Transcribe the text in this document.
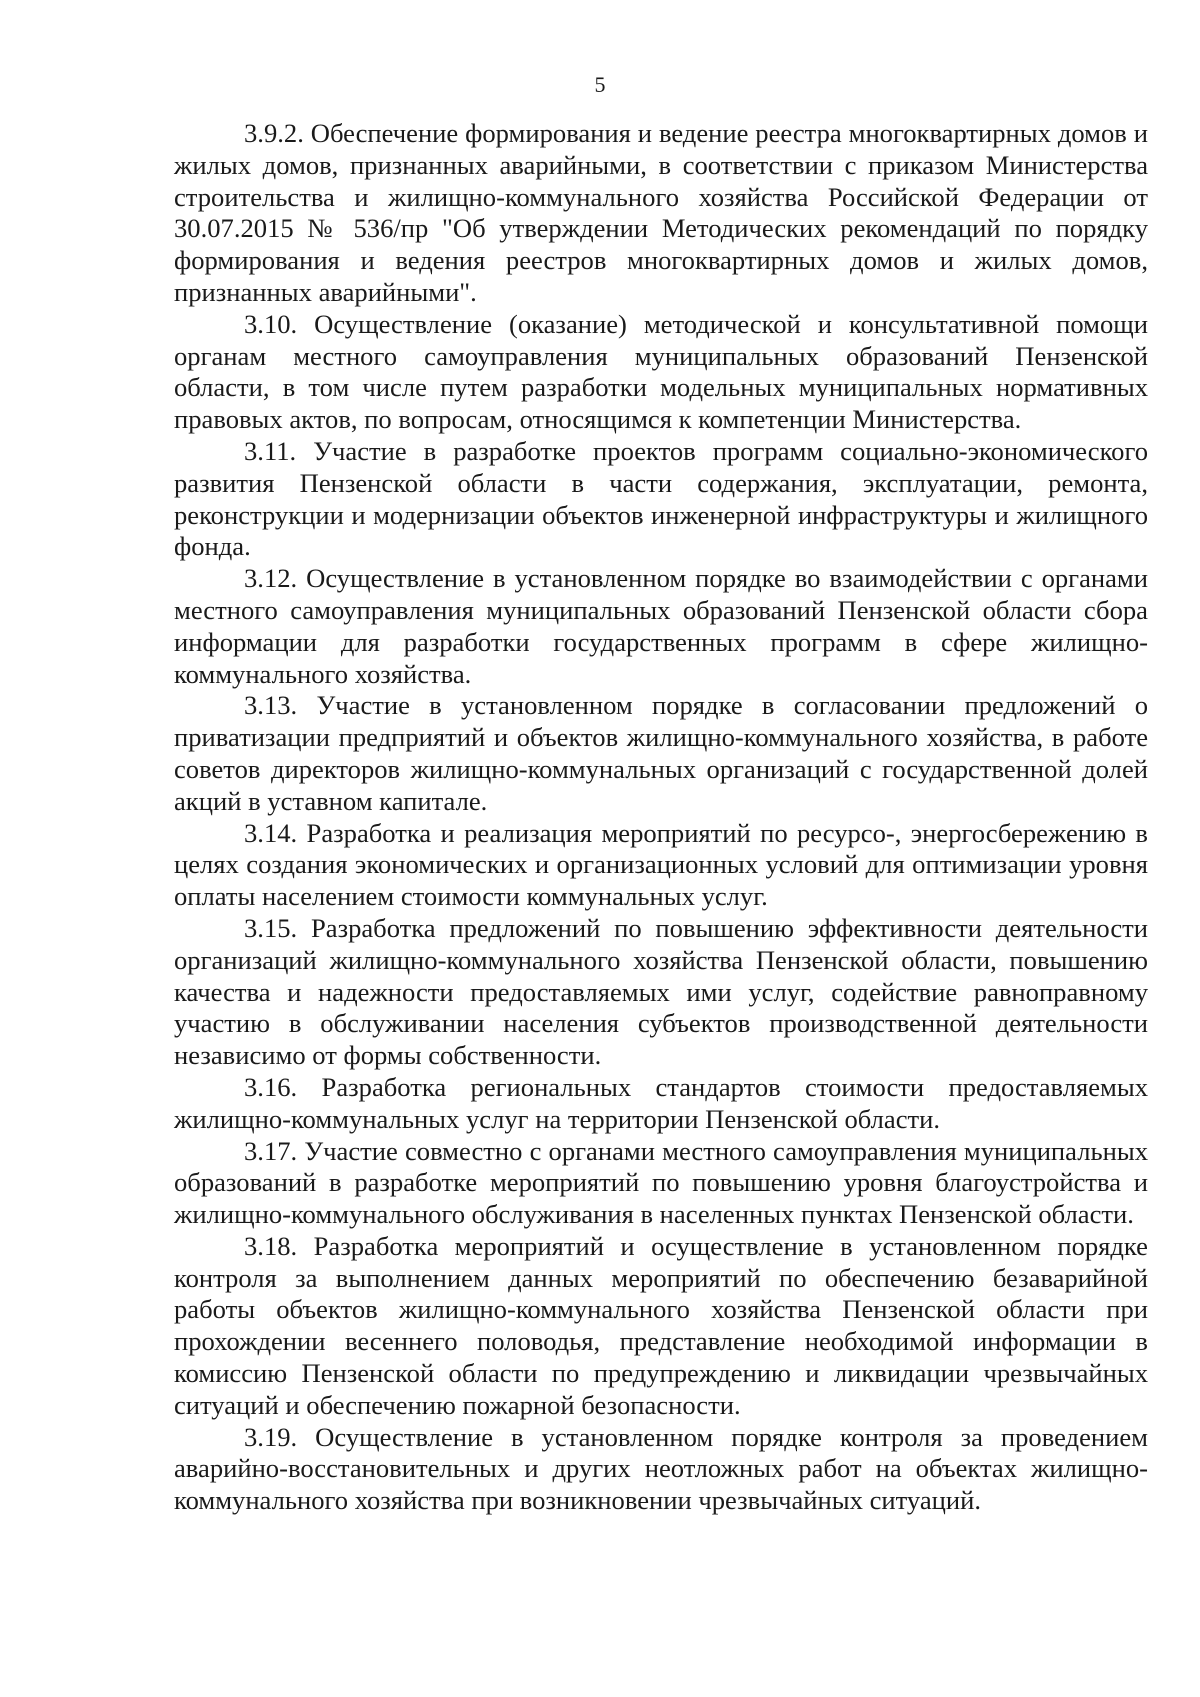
5

3.9.2. Обеспечение формирования и ведение реестра многоквартирных домов и жилых домов, признанных аварийными, в соответствии с приказом Министерства строительства и жилищно-коммунального хозяйства Российской Федерации от 30.07.2015 № 536/пр "Об утверждении Методических рекомендаций по порядку формирования и ведения реестров многоквартирных домов и жилых домов, признанных аварийными".

3.10. Осуществление (оказание) методической и консультативной помощи органам местного самоуправления муниципальных образований Пензенской области, в том числе путем разработки модельных муниципальных нормативных правовых актов, по вопросам, относящимся к компетенции Министерства.

3.11. Участие в разработке проектов программ социально-экономического развития Пензенской области в части содержания, эксплуатации, ремонта, реконструкции и модернизации объектов инженерной инфраструктуры и жилищного фонда.

3.12. Осуществление в установленном порядке во взаимодействии с органами местного самоуправления муниципальных образований Пензенской области сбора информации для разработки государственных программ в сфере жилищно-коммунального хозяйства.

3.13. Участие в установленном порядке в согласовании предложений о приватизации предприятий и объектов жилищно-коммунального хозяйства, в работе советов директоров жилищно-коммунальных организаций с государственной долей акций в уставном капитале.

3.14. Разработка и реализация мероприятий по ресурсо-, энергосбережению в целях создания экономических и организационных условий для оптимизации уровня оплаты населением стоимости коммунальных услуг.

3.15. Разработка предложений по повышению эффективности деятельности организаций жилищно-коммунального хозяйства Пензенской области, повышению качества и надежности предоставляемых ими услуг, содействие равноправному участию в обслуживании населения субъектов производственной деятельности независимо от формы собственности.

3.16. Разработка региональных стандартов стоимости предоставляемых жилищно-коммунальных услуг на территории Пензенской области.

3.17. Участие совместно с органами местного самоуправления муниципальных образований в разработке мероприятий по повышению уровня благоустройства и жилищно-коммунального обслуживания в населенных пунктах Пензенской области.

3.18. Разработка мероприятий и осуществление в установленном порядке контроля за выполнением данных мероприятий по обеспечению безаварийной работы объектов жилищно-коммунального хозяйства Пензенской области при прохождении весеннего половодья, представление необходимой информации в комиссию Пензенской области по предупреждению и ликвидации чрезвычайных ситуаций и обеспечению пожарной безопасности.

3.19. Осуществление в установленном порядке контроля за проведением аварийно-восстановительных и других неотложных работ на объектах жилищно-коммунального хозяйства при возникновении чрезвычайных ситуаций.
